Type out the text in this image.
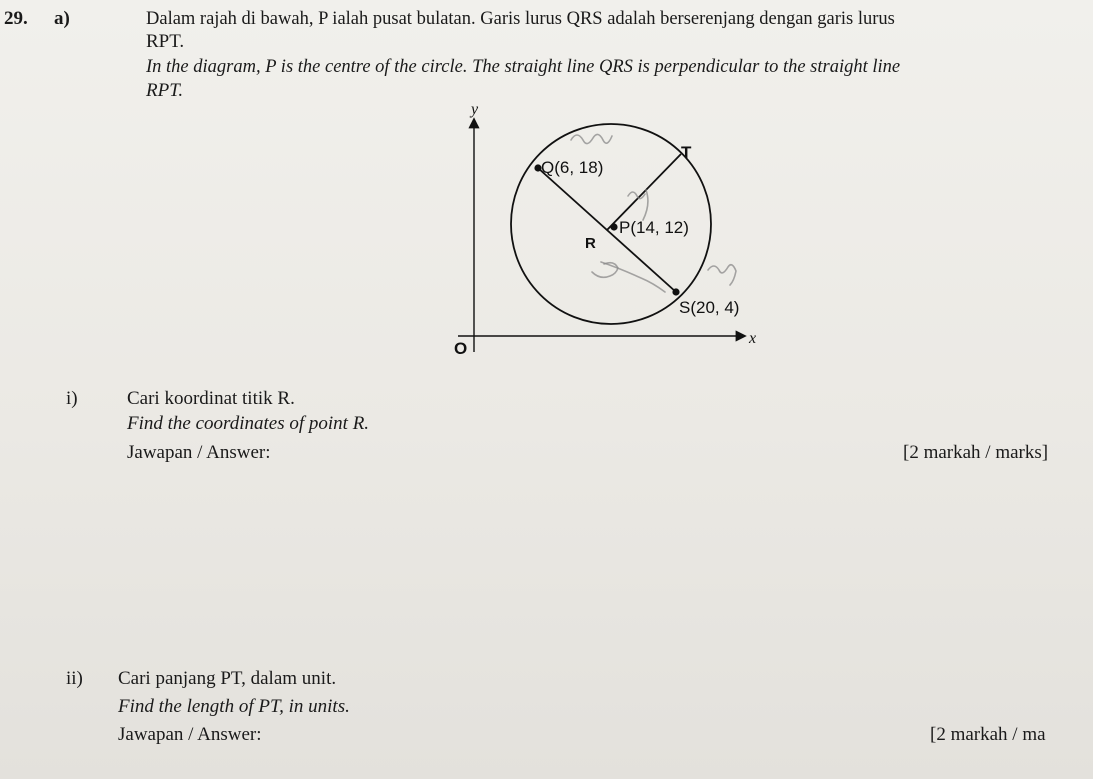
29. a)	Dalam rajah di bawah, P ialah pusat bulatan. Garis lurus QRS adalah berserenjang dengan garis lurus
RPT.
In the diagram, P is the centre of the circle. The straight line QRS is perpendicular to the straight line
RPT.
y
x
O
Q(6, 18)
T
P(14, 12)
R
S(20, 4)
i)	Cari koordinat titik R.
Find the coordinates of point R.
Jawapan / Answer:	[2 markah / marks]
ii) Cari panjang PT, dalam unit.
Find the length of PT, in units.
Jawapan / Answer:	[2 markah / ma
